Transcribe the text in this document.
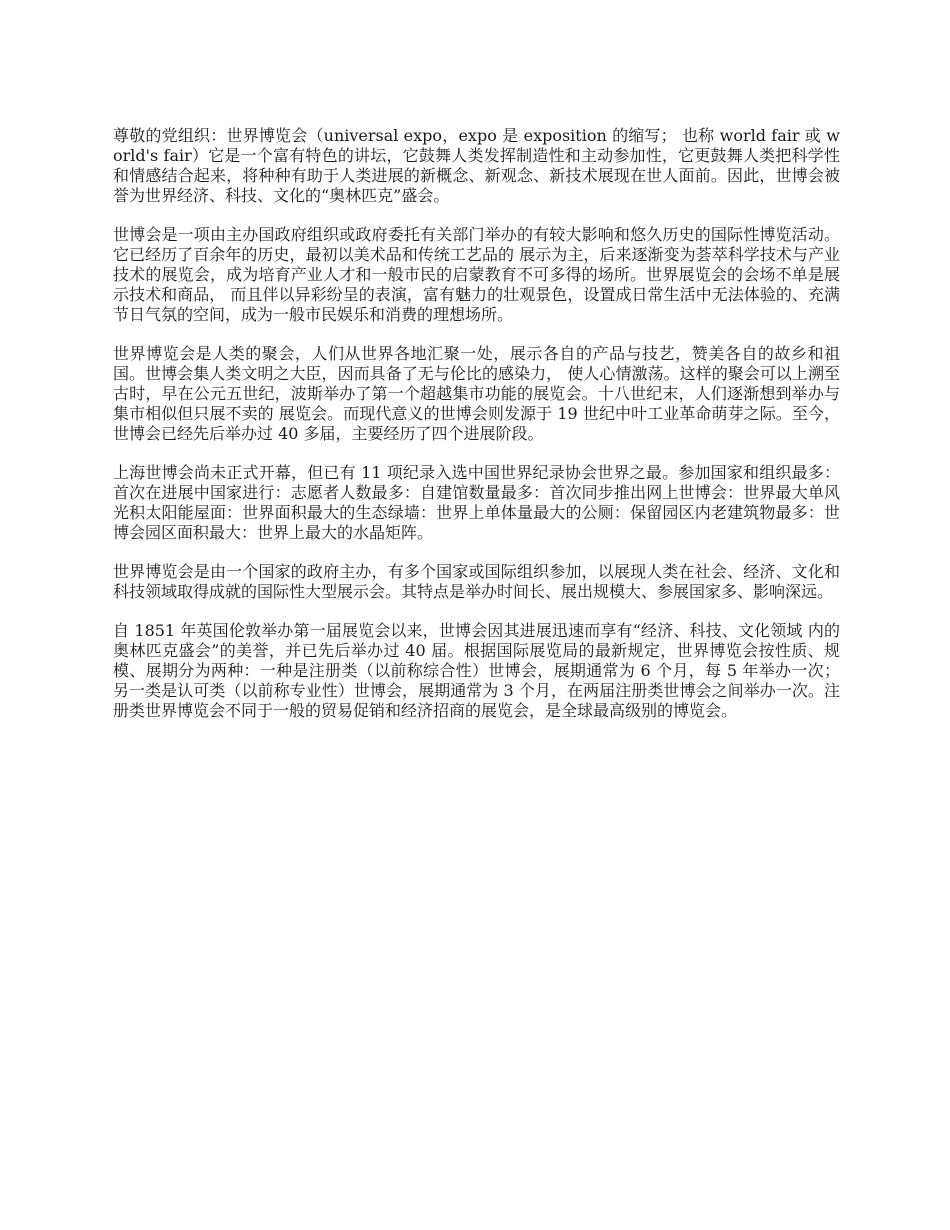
尊敬的党组织：世界博览会（universal expo，expo 是 exposition 的缩写； 也称 world fair 或 world's fair）它是一个富有特色的讲坛，它鼓舞人类发挥制造性和主动参加性，它更鼓舞人类把科学性和情感结合起来，将种种有助于人类进展的新概念、新观念、新技术展现在世人面前。因此，世博会被誉为世界经济、科技、文化的“奥林匹克”盛会。

世博会是一项由主办国政府组织或政府委托有关部门举办的有较大影响和悠久历史的国际性博览活动。它已经历了百余年的历史，最初以美术品和传统工艺品的 展示为主，后来逐渐变为荟萃科学技术与产业技术的展览会，成为培育产业人才和一般市民的启蒙教育不可多得的场所。世界展览会的会场不单是展示技术和商品， 而且伴以异彩纷呈的表演，富有魅力的壮观景色，设置成日常生活中无法体验的、充满节日气氛的空间，成为一般市民娱乐和消费的理想场所。

世界博览会是人类的聚会，人们从世界各地汇聚一处，展示各自的产品与技艺，赞美各自的故乡和祖国。世博会集人类文明之大臣，因而具备了无与伦比的感染力， 使人心情激荡。这样的聚会可以上溯至古时，早在公元五世纪，波斯举办了第一个超越集市功能的展览会。十八世纪末，人们逐渐想到举办与集市相似但只展不卖的 展览会。而现代意义的世博会则发源于 19 世纪中叶工业革命萌芽之际。至今，世博会已经先后举办过 40 多届，主要经历了四个进展阶段。

上海世博会尚未正式开幕，但已有 11 项纪录入选中国世界纪录协会世界之最。参加国家和组织最多：首次在进展中国家进行：志愿者人数最多：自建馆数量最多：首次同步推出网上世博会：世界最大单风光积太阳能屋面：世界面积最大的生态绿墙：世界上单体量最大的公厕：保留园区内老建筑物最多：世博会园区面积最大：世界上最大的水晶矩阵。

世界博览会是由一个国家的政府主办，有多个国家或国际组织参加，以展现人类在社会、经济、文化和科技领域取得成就的国际性大型展示会。其特点是举办时间长、展出规模大、参展国家多、影响深远。

自 1851 年英国伦敦举办第一届展览会以来，世博会因其进展迅速而享有“经济、科技、文化领域 内的奥林匹克盛会”的美誉，并已先后举办过 40 届。根据国际展览局的最新规定，世界博览会按性质、规模、展期分为两种：一种是注册类（以前称综合性）世博会，展期通常为 6 个月，每 5 年举办一次；另一类是认可类（以前称专业性）世博会，展期通常为 3 个月，在两届注册类世博会之间举办一次。注册类世界博览会不同于一般的贸易促销和经济招商的展览会，是全球最高级别的博览会。
